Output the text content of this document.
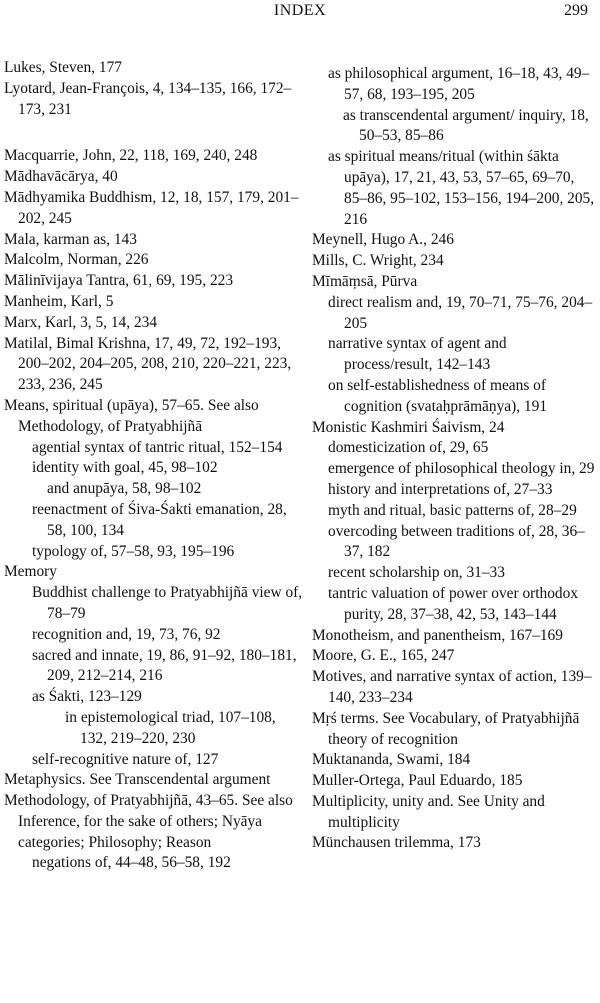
INDEX	299
Lukes, Steven, 177
Lyotard, Jean-François, 4, 134–135, 166, 172–173, 231
Macquarrie, John, 22, 118, 169, 240, 248
Mādhavācārya, 40
Mādhyamika Buddhism, 12, 18, 157, 179, 201–202, 245
Mala, karman as, 143
Malcolm, Norman, 226
Mālinīvijaya Tantra, 61, 69, 195, 223
Manheim, Karl, 5
Marx, Karl, 3, 5, 14, 234
Matilal, Bimal Krishna, 17, 49, 72, 192–193, 200–202, 204–205, 208, 210, 220–221, 223, 233, 236, 245
Means, spiritual (upāya), 57–65. See also Methodology, of Pratyabhijñā
agential syntax of tantric ritual, 152–154
identity with goal, 45, 98–102
and anupāya, 58, 98–102
reenactment of Śiva-Śakti emanation, 28, 58, 100, 134
typology of, 57–58, 93, 195–196
Memory
Buddhist challenge to Pratyabhijñā view of, 78–79
recognition and, 19, 73, 76, 92
sacred and innate, 19, 86, 91–92, 180–181, 209, 212–214, 216
as Śakti, 123–129
in epistemological triad, 107–108, 132, 219–220, 230
self-recognitive nature of, 127
Metaphysics. See Transcendental argument
Methodology, of Pratyabhijñā, 43–65. See also Inference, for the sake of others; Nyāya categories; Philosophy; Reason
negations of, 44–48, 56–58, 192
as philosophical argument, 16–18, 43, 49–57, 68, 193–195, 205
as transcendental argument/ inquiry, 18, 50–53, 85–86
as spiritual means/ritual (within śākta upāya), 17, 21, 43, 53, 57–65, 69–70, 85–86, 95–102, 153–156, 194–200, 205, 216
Meynell, Hugo A., 246
Mills, C. Wright, 234
Mīmāṃsā, Pūrva
direct realism and, 19, 70–71, 75–76, 204–205
narrative syntax of agent and process/result, 142–143
on self-establishedness of means of cognition (svataḥprāmāṇya), 191
Monistic Kashmiri Śaivism, 24
domesticization of, 29, 65
emergence of philosophical theology in, 29
history and interpretations of, 27–33
myth and ritual, basic patterns of, 28–29
overcoding between traditions of, 28, 36–37, 182
recent scholarship on, 31–33
tantric valuation of power over orthodox purity, 28, 37–38, 42, 53, 143–144
Monotheism, and panentheism, 167–169
Moore, G. E., 165, 247
Motives, and narrative syntax of action, 139–140, 233–234
Mṛś terms. See Vocabulary, of Pratyabhijñā theory of recognition
Muktananda, Swami, 184
Muller-Ortega, Paul Eduardo, 185
Multiplicity, unity and. See Unity and multiplicity
Münchausen trilemma, 173
